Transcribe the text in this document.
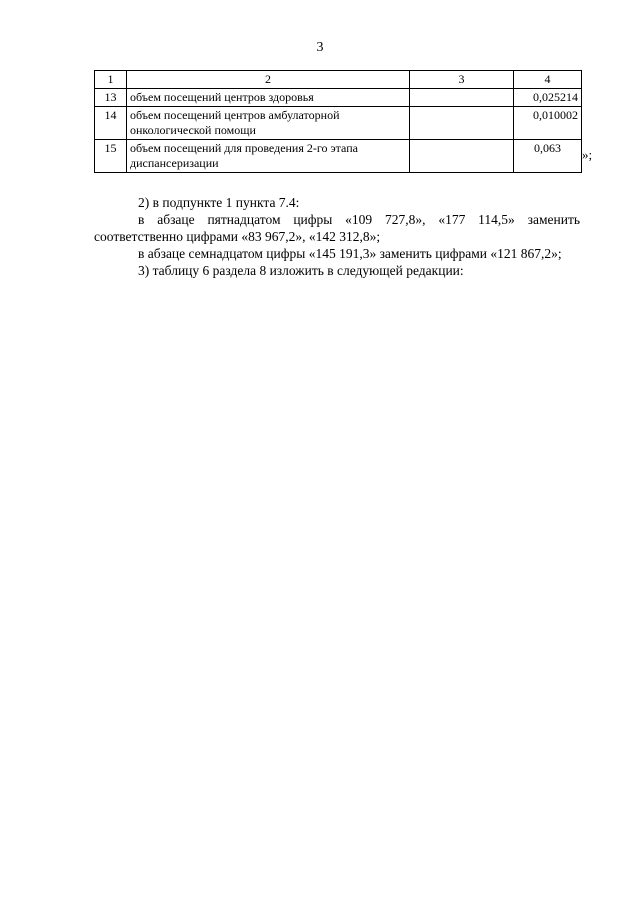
3
1	2	3	4
13	объем посещений центров здоровья		0,025214
14	объем посещений центров амбулаторной онкологической помощи		0,010002
15	объем посещений для проведения 2-го этапа диспансеризации		0,063 »;
2) в подпункте 1 пункта 7.4:
в абзаце пятнадцатом цифры «109 727,8», «177 114,5» заменить
соответственно цифрами «83 967,2», «142 312,8»;
в абзаце семнадцатом цифры «145 191,3» заменить цифрами «121 867,2»;
3) таблицу 6 раздела 8 изложить в следующей редакции:
